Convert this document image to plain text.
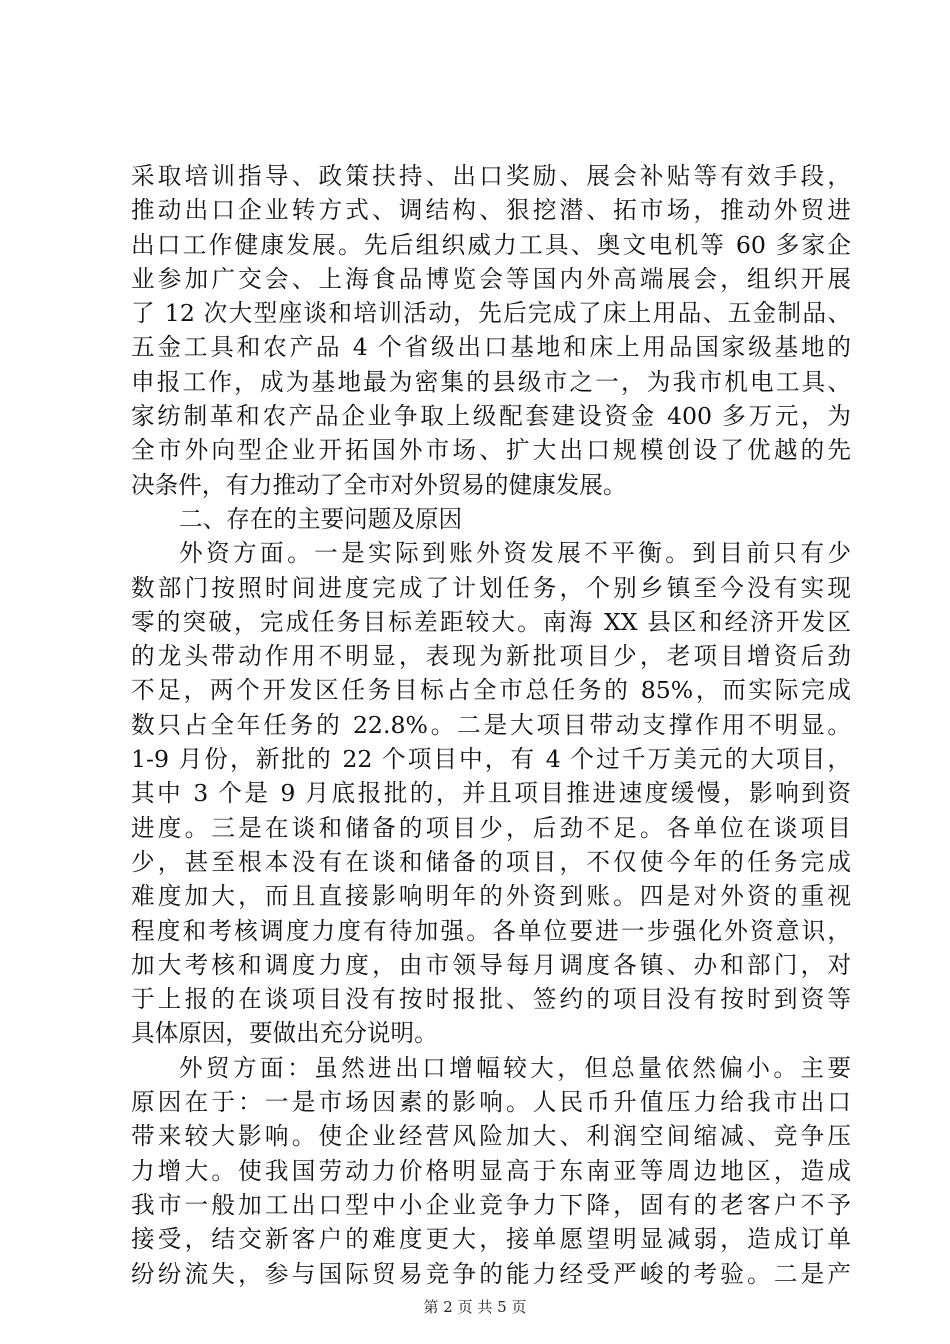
采取培训指导、政策扶持、出口奖励、展会补贴等有效手段，
推动出口企业转方式、调结构、狠挖潜、拓市场，推动外贸进
出口工作健康发展。先后组织威力工具、奥文电机等 60 多家企
业参加广交会、上海食品博览会等国内外高端展会，组织开展
了 12 次大型座谈和培训活动，先后完成了床上用品、五金制品、
五金工具和农产品 4 个省级出口基地和床上用品国家级基地的
申报工作，成为基地最为密集的县级市之一，为我市机电工具、
家纺制革和农产品企业争取上级配套建设资金 400 多万元，为
全市外向型企业开拓国外市场、扩大出口规模创设了优越的先
决条件，有力推动了全市对外贸易的健康发展。
二、存在的主要问题及原因
外资方面。一是实际到账外资发展不平衡。到目前只有少
数部门按照时间进度完成了计划任务，个别乡镇至今没有实现
零的突破，完成任务目标差距较大。南海 XX 县区和经济开发区
的龙头带动作用不明显，表现为新批项目少，老项目增资后劲
不足，两个开发区任务目标占全市总任务的 85%，而实际完成
数只占全年任务的 22.8%。二是大项目带动支撑作用不明显。
1-9 月份，新批的 22 个项目中，有 4 个过千万美元的大项目，
其中 3 个是 9 月底报批的，并且项目推进速度缓慢，影响到资
进度。三是在谈和储备的项目少，后劲不足。各单位在谈项目
少，甚至根本没有在谈和储备的项目，不仅使今年的任务完成
难度加大，而且直接影响明年的外资到账。四是对外资的重视
程度和考核调度力度有待加强。各单位要进一步强化外资意识，
加大考核和调度力度，由市领导每月调度各镇、办和部门，对
于上报的在谈项目没有按时报批、签约的项目没有按时到资等
具体原因，要做出充分说明。
外贸方面：虽然进出口增幅较大，但总量依然偏小。主要
原因在于：一是市场因素的影响。人民币升值压力给我市出口
带来较大影响。使企业经营风险加大、利润空间缩减、竞争压
力增大。使我国劳动力价格明显高于东南亚等周边地区，造成
我市一般加工出口型中小企业竞争力下降，固有的老客户不予
接受，结交新客户的难度更大，接单愿望明显减弱，造成订单
纷纷流失，参与国际贸易竞争的能力经受严峻的考验。二是产
第 2 页 共 5 页
